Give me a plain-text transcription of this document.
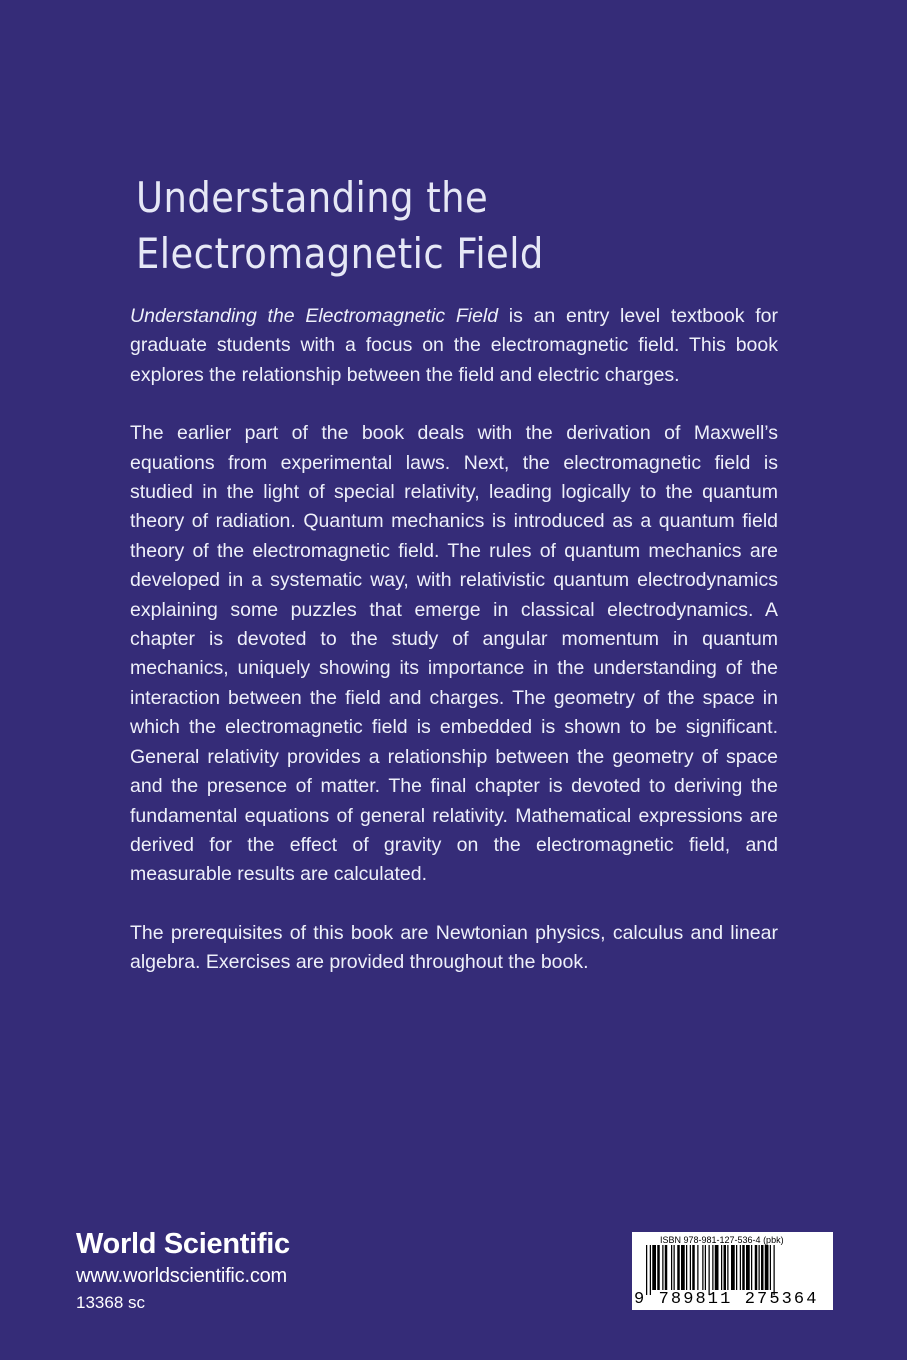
Understanding the
Electromagnetic Field

Understanding the Electromagnetic Field is an entry level textbook for graduate students with a focus on the electromagnetic field. This book explores the relationship between the field and electric charges.

The earlier part of the book deals with the derivation of Maxwell’s equations from experimental laws. Next, the electromagnetic field is studied in the light of special relativity, leading logically to the quantum theory of radiation. Quantum mechanics is introduced as a quantum field theory of the electromagnetic field. The rules of quantum mechanics are developed in a systematic way, with relativistic quantum electrodynamics explaining some puzzles that emerge in classical electrodynamics. A chapter is devoted to the study of angular momentum in quantum mechanics, uniquely showing its importance in the understanding of the interaction between the field and charges. The geometry of the space in which the electromagnetic field is embedded is shown to be significant. General relativity provides a relationship between the geometry of space and the presence of matter. The final chapter is devoted to deriving the fundamental equations of general relativity. Mathematical expressions are derived for the effect of gravity on the electromagnetic field, and measurable results are calculated.

The prerequisites of this book are Newtonian physics, calculus and linear algebra. Exercises are provided throughout the book.

World Scientific
www.worldscientific.com
13368 sc
ISBN 978-981-127-536-4 (pbk)
9 789811 275364
